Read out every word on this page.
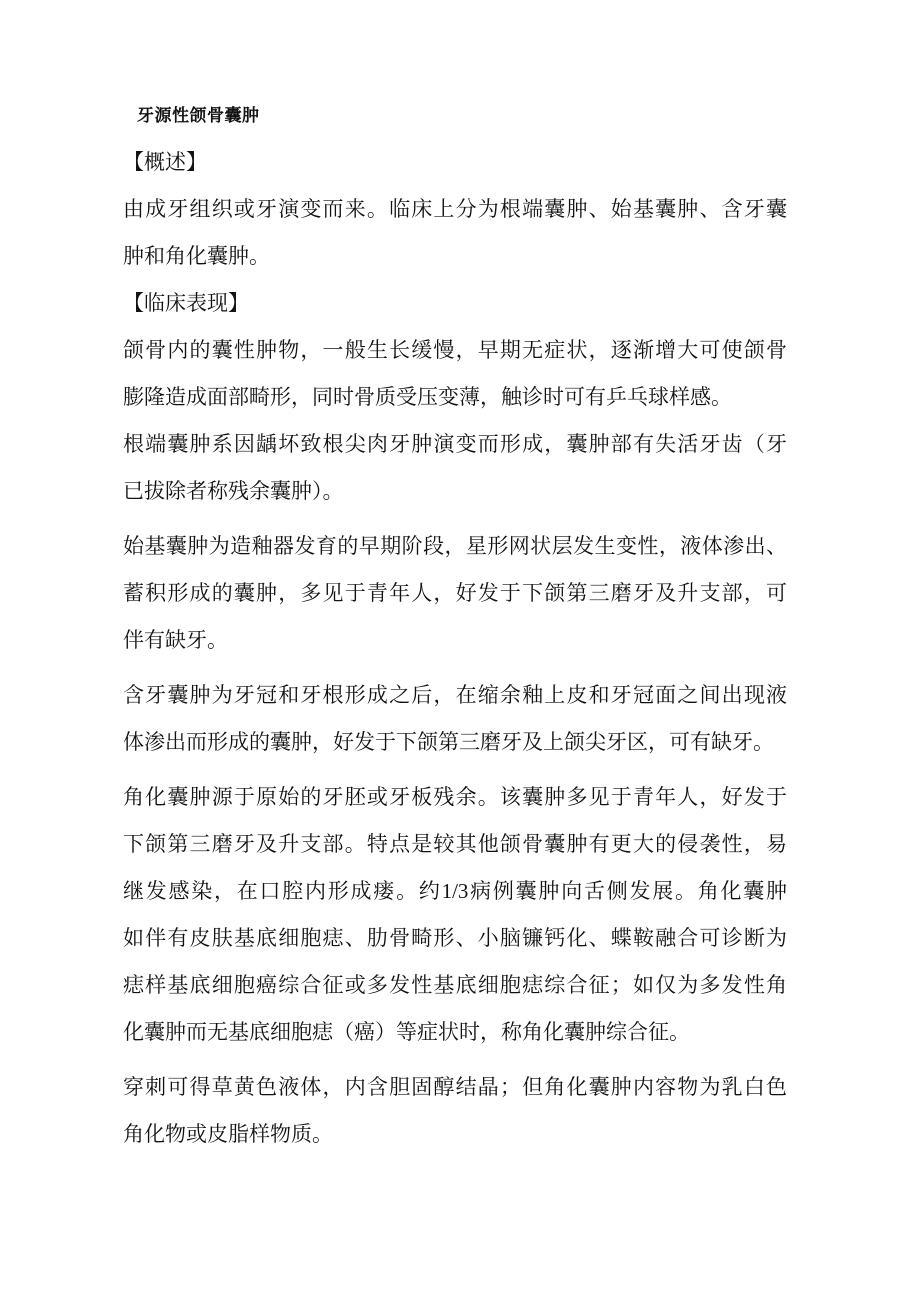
牙源性颌骨囊肿
【概述】
由成牙组织或牙演变而来。临床上分为根端囊肿、始基囊肿、含牙囊
肿和角化囊肿。
【临床表现】
颌骨内的囊性肿物，一般生长缓慢，早期无症状，逐渐增大可使颌骨
膨隆造成面部畸形，同时骨质受压变薄，触诊时可有乒乓球样感。
根端囊肿系因龋坏致根尖肉牙肿演变而形成，囊肿部有失活牙齿（牙
已拔除者称残余囊肿）。
始基囊肿为造釉器发育的早期阶段，星形网状层发生变性，液体渗出、
蓄积形成的囊肿，多见于青年人，好发于下颌第三磨牙及升支部，可
伴有缺牙。
含牙囊肿为牙冠和牙根形成之后，在缩余釉上皮和牙冠面之间出现液
体渗出而形成的囊肿，好发于下颌第三磨牙及上颌尖牙区，可有缺牙。
角化囊肿源于原始的牙胚或牙板残余。该囊肿多见于青年人，好发于
下颌第三磨牙及升支部。特点是较其他颌骨囊肿有更大的侵袭性，易
继发感染，在口腔内形成瘘。约1/3病例囊肿向舌侧发展。角化囊肿
如伴有皮肤基底细胞痣、肋骨畸形、小脑镰钙化、蝶鞍融合可诊断为
痣样基底细胞癌综合征或多发性基底细胞痣综合征；如仅为多发性角
化囊肿而无基底细胞痣（癌）等症状时，称角化囊肿综合征。
穿刺可得草黄色液体，内含胆固醇结晶；但角化囊肿内容物为乳白色
角化物或皮脂样物质。
